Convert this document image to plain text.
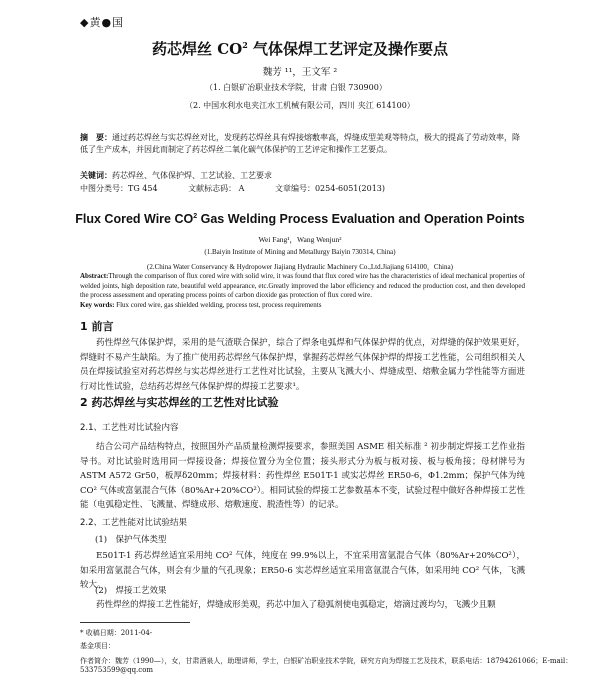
◆黄●国
药芯焊丝 $CO^2$ 气体保焊工艺评定及操作要点
魏芳 ¹¹，王文军 ²
（1. 白银矿冶职业技术学院，甘肃 白银 730900）
（2. 中国水利水电夹江水工机械有限公司，四川 夹江 614100）
摘　要：通过药芯焊丝与实芯焊丝对比，发现药芯焊丝具有焊接熔敷率高，焊缝成型美观等特点，极大的提高了劳动效率，降低了生产成本，并因此而制定了药芯焊丝二氧化碳气体保护的工艺评定和操作工艺要点。
关键词：药芯焊丝、气体保护焊、工艺试验、工艺要求
中图分类号：TG 454	文献标志码： A	文章编号：0254-6051(2013)
Flux Cored Wire $CO^2$ Gas Welding Process Evaluation and Operation Points
Wei Fang¹，Wang Wenjun²
(1.Baiyin Institute of Mining and Metallurgy Baiyin 730314, China)
(2.China Water Conservancy & Hydropower Jiajiang Hydraulic Machinery Co.,Ltd.Jiajiang 614100，China)
Abstract:Through the comparison of flux cored wire with solid wire, it was found that flux cored wire has the characteristics of ideal mechanical properties of welded joints, high deposition rate, beautiful weld appearance, etc.Greatly improved the labor efficiency and reduced the production cost, and then developed the process assessment and operating process points of carbon dioxide gas protection of flux cored wire.
Key words: Flux cored wire, gas shielded welding, process test, process requirements
1 前言
药性焊丝气体保护焊，采用的是气渣联合保护，综合了焊条电弧焊和气体保护焊的优点，对焊缝的保护效果更好，焊缝时不易产生缺陷。为了推广使用药芯焊丝气体保护焊，掌握药芯焊丝气体保护焊的焊接工艺性能，公司组织相关人员在焊接试验室对药芯焊丝与实芯焊丝进行工艺性对比试验，主要从飞溅大小、焊缝成型、熔敷金属力学性能等方面进行对比性试验，总结药芯焊丝气体保护焊的焊接工艺要求¹。
2 药芯焊丝与实芯焊丝的工艺性对比试验
2.1、工艺性对比试验内容
结合公司产品结构特点，按照国外产品质量检测焊接要求，参照美国 ASME 相关标准 ² 初步制定焊接工艺作业指导书。对比试验时选用同一焊接设备；焊接位置分为全位置；接头形式分为板与板对接、板与板角接；母材牌号为 ASTM A572 Gr50，板厚δ20mm；焊接材料：药性焊丝 E501T-1 或实芯焊丝 ER50-6，Φ1.2mm；保护气体为纯 CO² 气体或富氩混合气体（80%Ar+20%CO²）。相同试验的焊接工艺参数基本不变，试验过程中做好各种焊接工艺性能（电弧稳定性、飞溅量、焊缝成形、熔敷速度、脱渣性等）的记录。
2.2、工艺性能对比试验结果
(1)　保护气体类型
E501T-1 药芯焊丝适宜采用纯 CO² 气体，纯度在 99.9%以上，不宜采用富氩混合气体（80%Ar+20%CO²），如采用富氩混合气体，则会有少量的气孔现象；ER50-6 实芯焊丝适宜采用富氩混合气体，如采用纯 CO² 气体，飞溅较大。
(2)　焊接工艺效果
药性焊丝的焊接工艺性能好，焊缝成形美观，药芯中加入了稳弧剂使电弧稳定，熔滴过渡均匀，飞溅少且颗
* 收稿日期：2011-04-
基金项目：
作者简介：魏芳（1990—），女，甘肃酒泉人，助理讲师，学士，白银矿冶职业技术学院，研究方向为焊接工艺及技术，联系电话：18794261066；E-mail：533753599@qq.com
